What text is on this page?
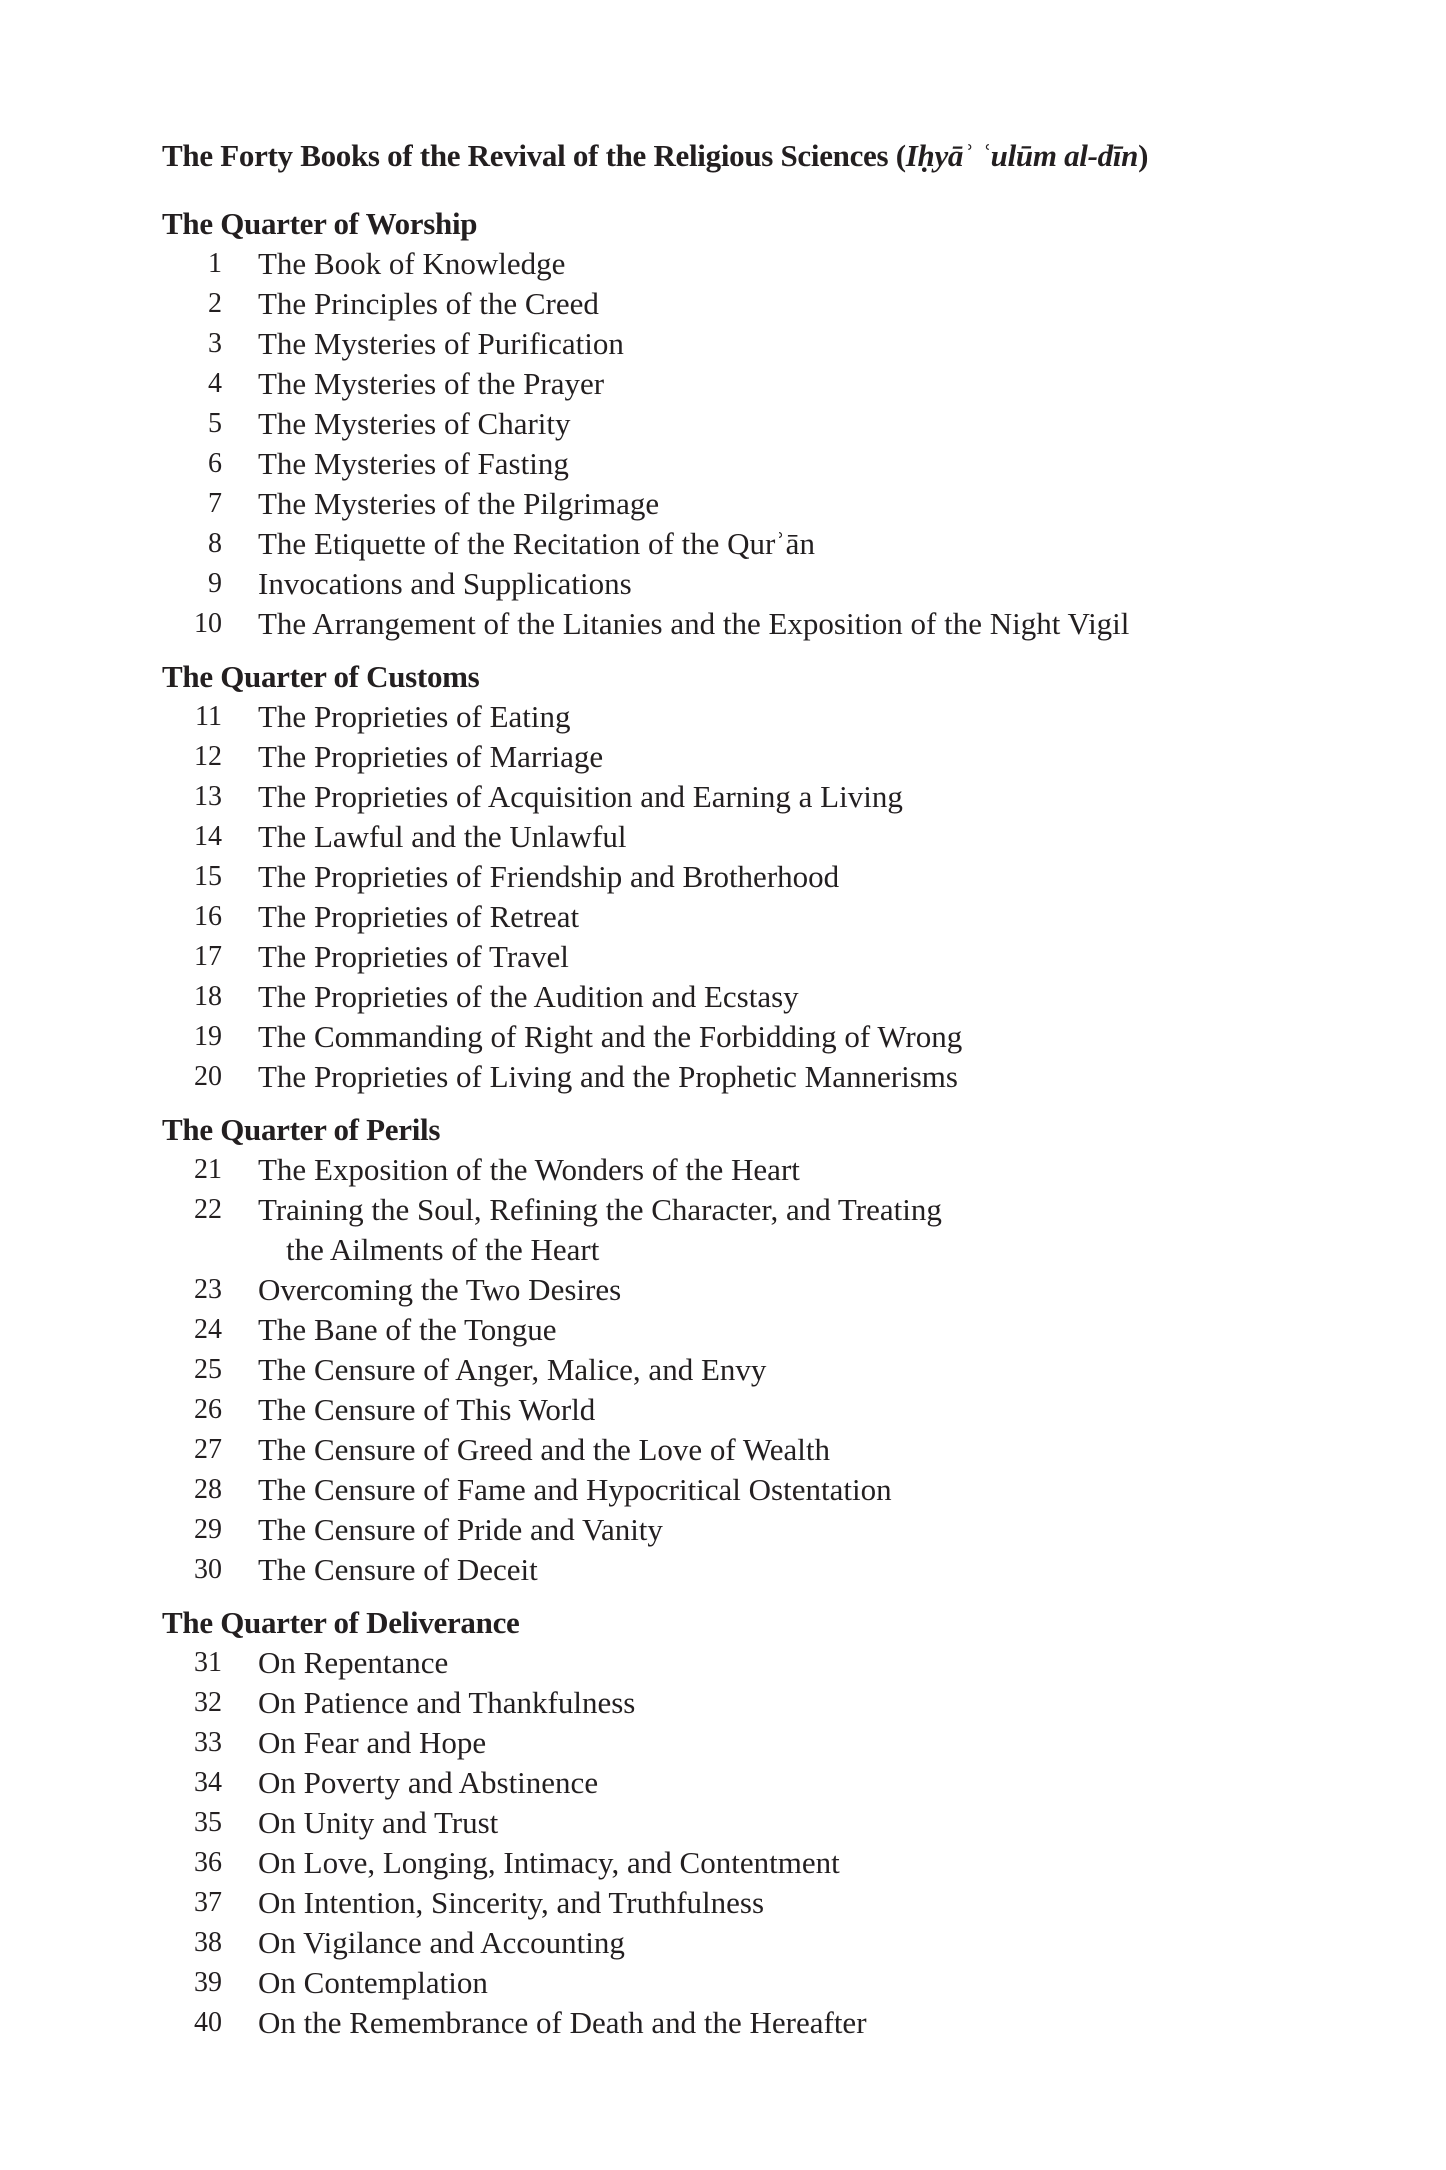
The Forty Books of the Revival of the Religious Sciences (Iḥyāʾ ʿulūm al-dīn)
The Quarter of Worship
1	The Book of Knowledge
2	The Principles of the Creed
3	The Mysteries of Purification
4	The Mysteries of the Prayer
5	The Mysteries of Charity
6	The Mysteries of Fasting
7	The Mysteries of the Pilgrimage
8	The Etiquette of the Recitation of the Qurʾān
9	Invocations and Supplications
10	The Arrangement of the Litanies and the Exposition of the Night Vigil
The Quarter of Customs
11	The Proprieties of Eating
12	The Proprieties of Marriage
13	The Proprieties of Acquisition and Earning a Living
14	The Lawful and the Unlawful
15	The Proprieties of Friendship and Brotherhood
16	The Proprieties of Retreat
17	The Proprieties of Travel
18	The Proprieties of the Audition and Ecstasy
19	The Commanding of Right and the Forbidding of Wrong
20	The Proprieties of Living and the Prophetic Mannerisms
The Quarter of Perils
21	The Exposition of the Wonders of the Heart
22	Training the Soul, Refining the Character, and Treating
the Ailments of the Heart
23	Overcoming the Two Desires
24	The Bane of the Tongue
25	The Censure of Anger, Malice, and Envy
26	The Censure of This World
27	The Censure of Greed and the Love of Wealth
28	The Censure of Fame and Hypocritical Ostentation
29	The Censure of Pride and Vanity
30	The Censure of Deceit
The Quarter of Deliverance
31	On Repentance
32	On Patience and Thankfulness
33	On Fear and Hope
34	On Poverty and Abstinence
35	On Unity and Trust
36	On Love, Longing, Intimacy, and Contentment
37	On Intention, Sincerity, and Truthfulness
38	On Vigilance and Accounting
39	On Contemplation
40	On the Remembrance of Death and the Hereafter
